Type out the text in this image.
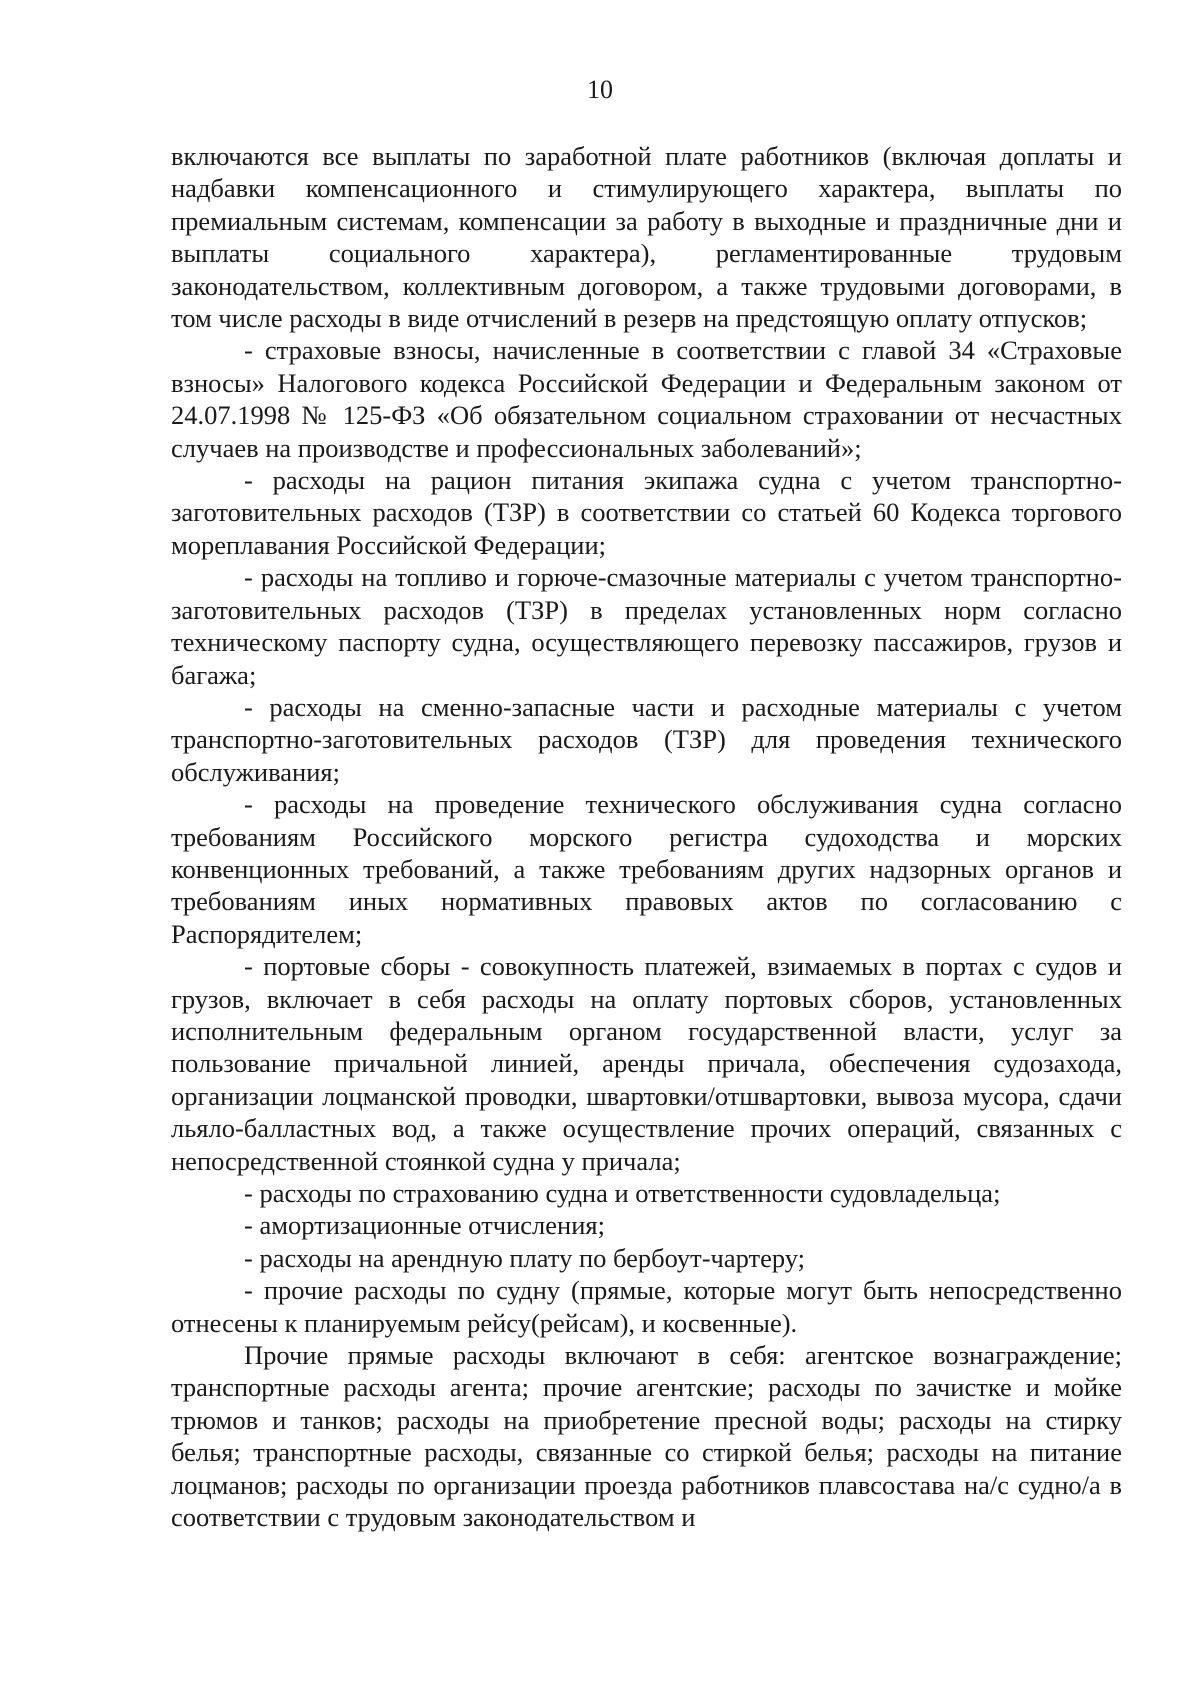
10

включаются все выплаты по заработной плате работников (включая доплаты и надбавки компенсационного и стимулирующего характера, выплаты по премиальным системам, компенсации за работу в выходные и праздничные дни и выплаты социального характера), регламентированные трудовым законодательством, коллективным договором, а также трудовыми договорами, в том числе расходы в виде отчислений в резерв на предстоящую оплату отпусков;

- страховые взносы, начисленные в соответствии с главой 34 «Страховые взносы» Налогового кодекса Российской Федерации и Федеральным законом от 24.07.1998 № 125-ФЗ «Об обязательном социальном страховании от несчастных случаев на производстве и профессиональных заболеваний»;

- расходы на рацион питания экипажа судна с учетом транспортно-заготовительных расходов (ТЗР) в соответствии со статьей 60 Кодекса торгового мореплавания Российской Федерации;

- расходы на топливо и горюче-смазочные материалы с учетом транспортно-заготовительных расходов (ТЗР) в пределах установленных норм согласно техническому паспорту судна, осуществляющего перевозку пассажиров, грузов и багажа;

- расходы на сменно-запасные части и расходные материалы с учетом транспортно-заготовительных расходов (ТЗР) для проведения технического обслуживания;

- расходы на проведение технического обслуживания судна согласно требованиям Российского морского регистра судоходства и морских конвенционных требований, а также требованиям других надзорных органов и требованиям иных нормативных правовых актов по согласованию с Распорядителем;

- портовые сборы - совокупность платежей, взимаемых в портах с судов и грузов, включает в себя расходы на оплату портовых сборов, установленных исполнительным федеральным органом государственной власти, услуг за пользование причальной линией, аренды причала, обеспечения судозахода, организации лоцманской проводки, швартовки/отшвартовки, вывоза мусора, сдачи льяло-балластных вод, а также осуществление прочих операций, связанных с непосредственной стоянкой судна у причала;

- расходы по страхованию судна и ответственности судовладельца;

- амортизационные отчисления;

- расходы на арендную плату по бербоут-чартеру;

- прочие расходы по судну (прямые, которые могут быть непосредственно отнесены к планируемым рейсу(рейсам), и косвенные).

Прочие прямые расходы включают в себя: агентское вознаграждение; транспортные расходы агента; прочие агентские; расходы по зачистке и мойке трюмов и танков; расходы на приобретение пресной воды; расходы на стирку белья; транспортные расходы, связанные со стиркой белья; расходы на питание лоцманов; расходы по организации проезда работников плавсостава на/с судно/а в соответствии с трудовым законодательством и
